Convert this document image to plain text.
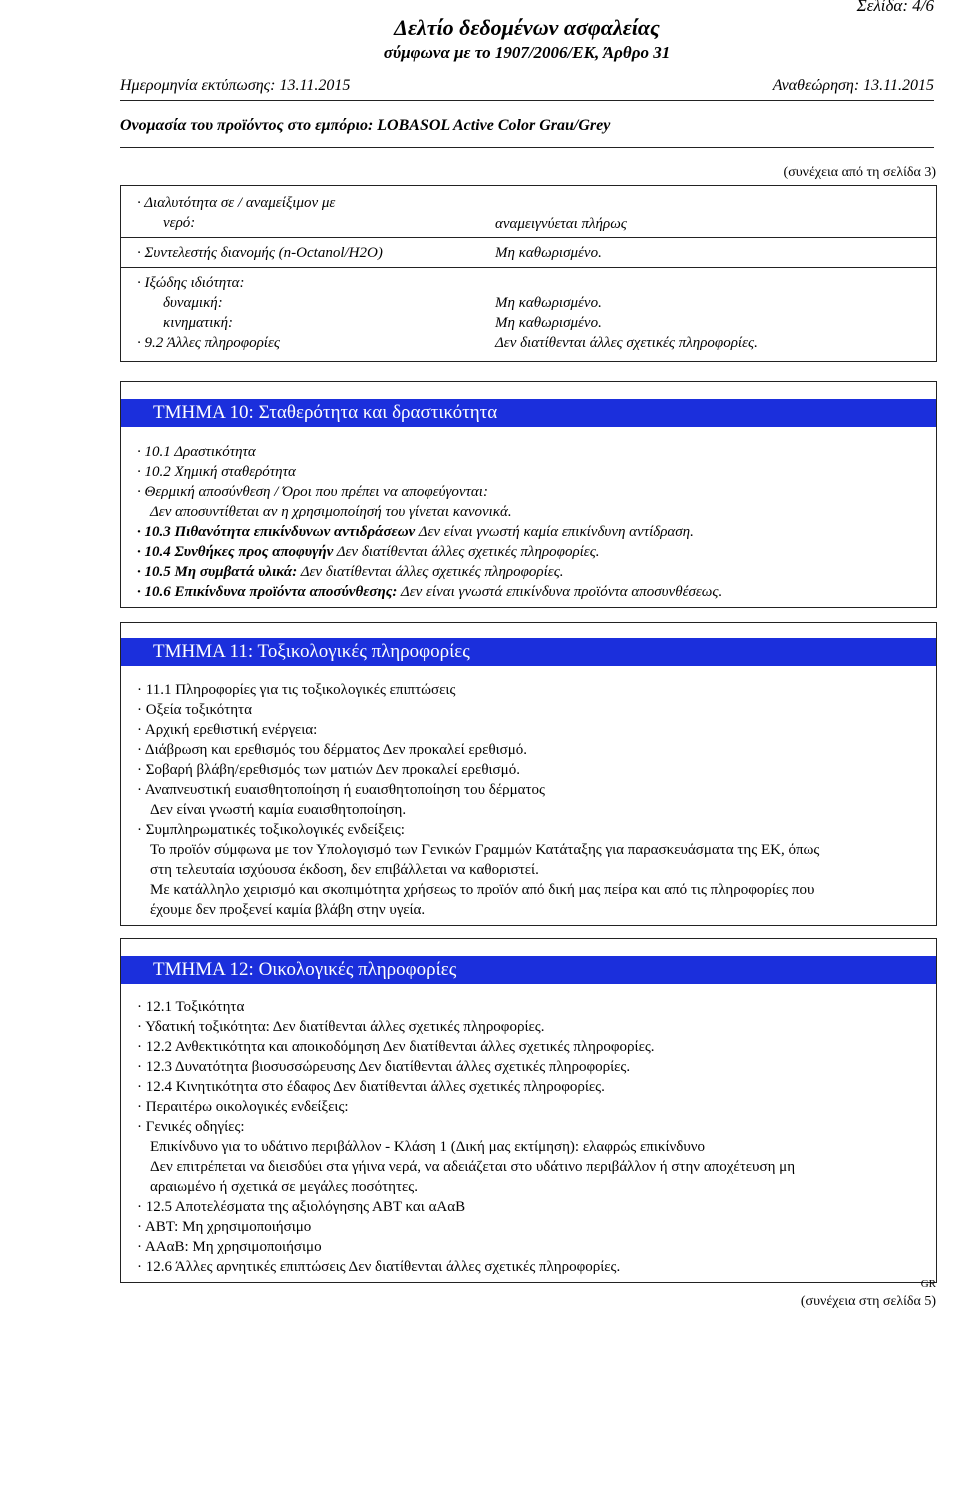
Σελίδα: 4/6
Δελτίο δεδομένων ασφαλείας
σύμφωνα με το 1907/2006/ΕΚ, Άρθρο 31
Ημερομηνία εκτύπωσης: 13.11.2015	Αναθεώρηση: 13.11.2015
Ονομασία του προϊόντος στο εμπόριο: LOBASOL Active Color Grau/Grey
(συνέχεια από τη σελίδα 3)
· Διαλυτότητα σε / αναμείξιμον με
νερό:	αναμειγνύεται πλήρως
· Συντελεστής διανομής (n-Octanol/H2O)	Μη καθωρισμένο.
· Ιξώδης ιδιότητα:
δυναμική:	Μη καθωρισμένο.
κινηματική:	Μη καθωρισμένο.
· 9.2 Άλλες πληροφορίες	Δεν διατίθενται άλλες σχετικές πληροφορίες.
ΤΜΗΜΑ 10: Σταθερότητα και δραστικότητα
· 10.1 Δραστικότητα
· 10.2 Χημική σταθερότητα
· Θερμική αποσύνθεση / Όροι που πρέπει να αποφεύγονται:
Δεν αποσυντίθεται αν η χρησιμοποίησή του γίνεται κανονικά.
· 10.3 Πιθανότητα επικίνδυνων αντιδράσεων Δεν είναι γνωστή καμία επικίνδυνη αντίδραση.
· 10.4 Συνθήκες προς αποφυγήν Δεν διατίθενται άλλες σχετικές πληροφορίες.
· 10.5 Μη συμβατά υλικά: Δεν διατίθενται άλλες σχετικές πληροφορίες.
· 10.6 Επικίνδυνα προϊόντα αποσύνθεσης: Δεν είναι γνωστά επικίνδυνα προϊόντα αποσυνθέσεως.
ΤΜΗΜΑ 11: Τοξικολογικές πληροφορίες
· 11.1 Πληροφορίες για τις τοξικολογικές επιπτώσεις
· Οξεία τοξικότητα
· Αρχική ερεθιστική ενέργεια:
· Διάβρωση και ερεθισμός του δέρματος Δεν προκαλεί ερεθισμό.
· Σοβαρή βλάβη/ερεθισμός των ματιών Δεν προκαλεί ερεθισμό.
· Αναπνευστική ευαισθητοποίηση ή ευαισθητοποίηση του δέρματος
Δεν είναι γνωστή καμία ευαισθητοποίηση.
· Συμπληρωματικές τοξικολογικές ενδείξεις:
Το προϊόν σύμφωνα με τον Υπολογισμό των Γενικών Γραμμών Κατάταξης για παρασκευάσματα της ΕΚ, όπως
στη τελευταία ισχύουσα έκδοση, δεν επιβάλλεται να καθοριστεί.
Με κατάλληλο χειρισμό και σκοπιμότητα χρήσεως το προϊόν από δική μας πείρα και από τις πληροφορίες που
έχουμε δεν προξενεί καμία βλάβη στην υγεία.
ΤΜΗΜΑ 12: Οικολογικές πληροφορίες
· 12.1 Τοξικότητα
· Υδατική τοξικότητα: Δεν διατίθενται άλλες σχετικές πληροφορίες.
· 12.2 Ανθεκτικότητα και αποικοδόμηση Δεν διατίθενται άλλες σχετικές πληροφορίες.
· 12.3 Δυνατότητα βιοσυσσώρευσης Δεν διατίθενται άλλες σχετικές πληροφορίες.
· 12.4 Κινητικότητα στο έδαφος Δεν διατίθενται άλλες σχετικές πληροφορίες.
· Περαιτέρω οικολογικές ενδείξεις:
· Γενικές οδηγίες:
Επικίνδυνο για το υδάτινο περιβάλλον - Κλάση 1 (Δική μας εκτίμηση): ελαφρώς επικίνδυνο
Δεν επιτρέπεται να διεισδύει στα γήινα νερά, να αδειάζεται στο υδάτινο περιβάλλον ή στην αποχέτευση μη
αραιωμένο ή σχετικά σε μεγάλες ποσότητες.
· 12.5 Αποτελέσματα της αξιολόγησης ΑΒΤ και αΑαΒ
· ΑΒΤ: Μη χρησιμοποιήσιμο
· ΑΑαΒ: Μη χρησιμοποιήσιμο
· 12.6 Άλλες αρνητικές επιπτώσεις Δεν διατίθενται άλλες σχετικές πληροφορίες.
GR
(συνέχεια στη σελίδα 5)
